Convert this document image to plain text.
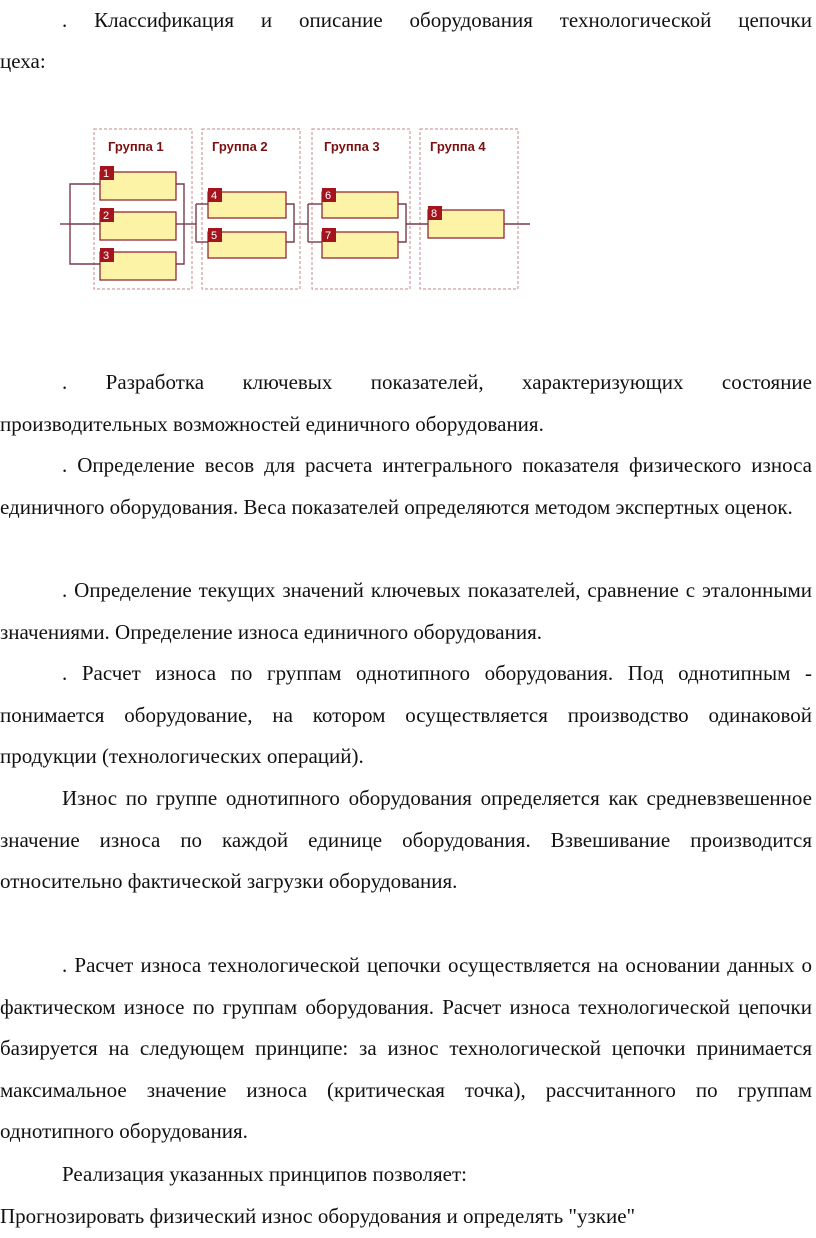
. Классификация и описание оборудования технологической цепочки

цеха:

Группа 1	Группа 2	Группа 3	Группа 4
1
2
3
4
5
6
7
8

. Разработка ключевых показателей, характеризующих состояние производительных возможностей единичного оборудования.

. Определение весов для расчета интегрального показателя физического износа единичного оборудования. Веса показателей определяются методом экспертных оценок.

. Определение текущих значений ключевых показателей, сравнение с эталонными значениями. Определение износа единичного оборудования.

. Расчет износа по группам однотипного оборудования. Под однотипным - понимается оборудование, на котором осуществляется производство одинаковой продукции (технологических операций).

Износ по группе однотипного оборудования определяется как средневзвешенное значение износа по каждой единице оборудования. Взвешивание производится относительно фактической загрузки оборудования.

. Расчет износа технологической цепочки осуществляется на основании данных о фактическом износе по группам оборудования. Расчет износа технологической цепочки базируется на следующем принципе: за износ технологической цепочки принимается максимальное значение износа (критическая точка), рассчитанного по группам однотипного оборудования.

Реализация указанных принципов позволяет:

Прогнозировать физический износ оборудования и определять "узкие"
